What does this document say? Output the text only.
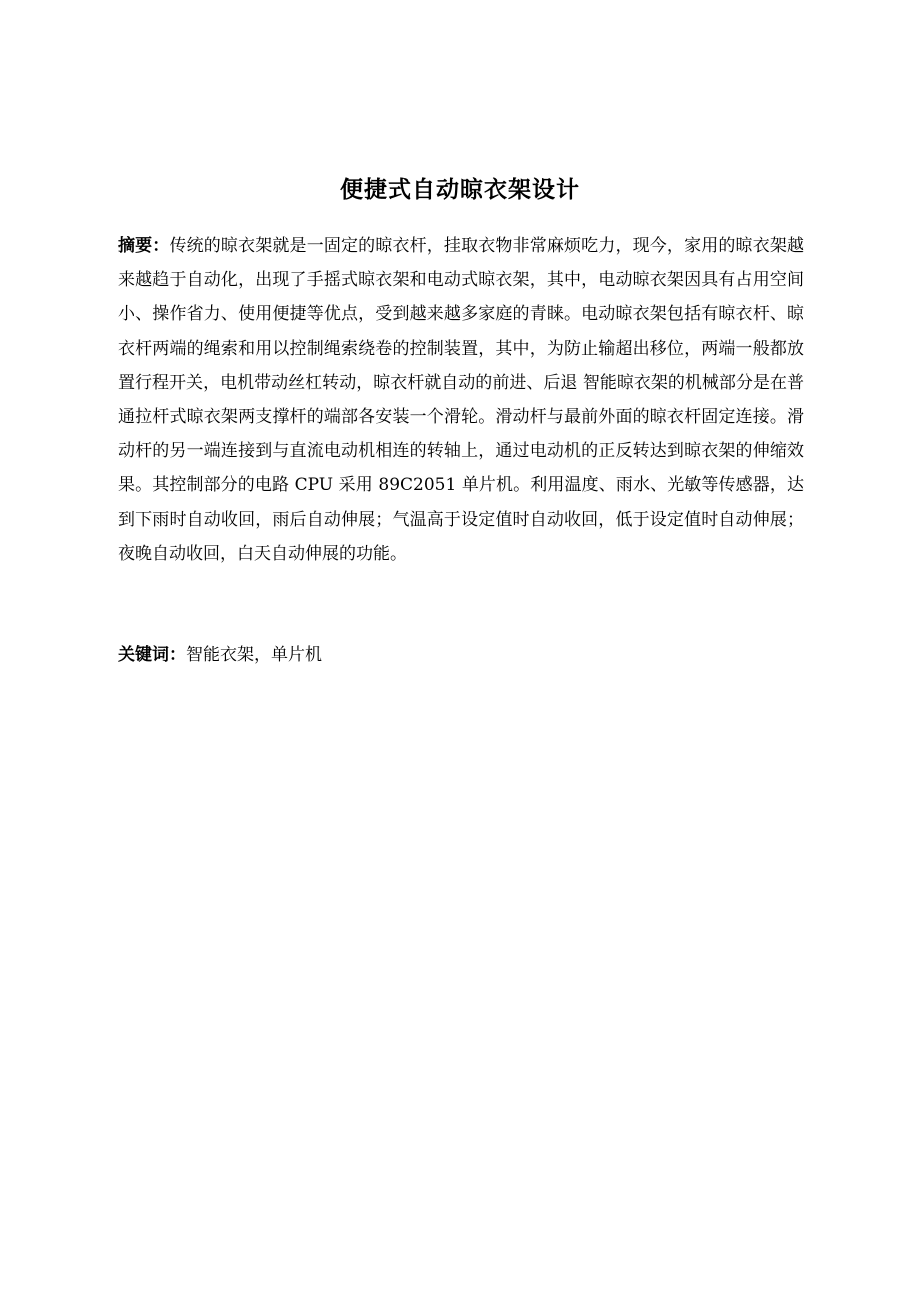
便捷式自动晾衣架设计

摘要：传统的晾衣架就是一固定的晾衣杆，挂取衣物非常麻烦吃力，现今，家用的晾衣架越来越趋于自动化，出现了手摇式晾衣架和电动式晾衣架，其中，电动晾衣架因具有占用空间小、操作省力、使用便捷等优点，受到越来越多家庭的青睐。电动晾衣架包括有晾衣杆、晾衣杆两端的绳索和用以控制绳索绕卷的控制装置，其中，为防止输超出移位，两端一般都放置行程开关，电机带动丝杠转动，晾衣杆就自动的前进、后退 智能晾衣架的机械部分是在普通拉杆式晾衣架两支撑杆的端部各安装一个滑轮。滑动杆与最前外面的晾衣杆固定连接。滑动杆的另一端连接到与直流电动机相连的转轴上，通过电动机的正反转达到晾衣架的伸缩效果。其控制部分的电路 CPU 采用 89C2051 单片机。利用温度、雨水、光敏等传感器，达到下雨时自动收回，雨后自动伸展；气温高于设定值时自动收回，低于设定值时自动伸展；夜晚自动收回，白天自动伸展的功能。

关键词：智能衣架，单片机
